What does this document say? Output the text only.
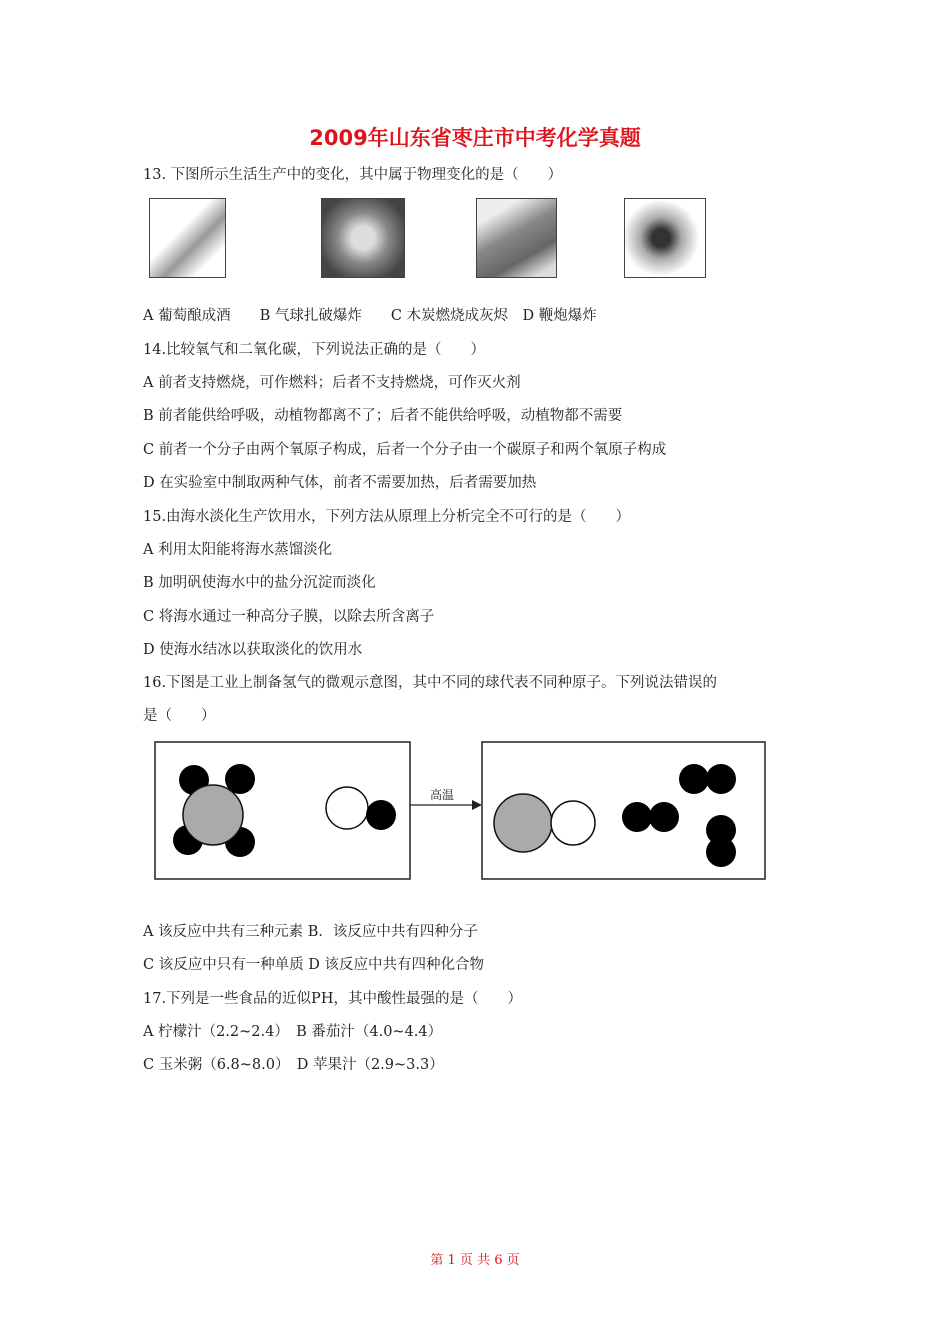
2009年山东省枣庄市中考化学真题
13. 下图所示生活生产中的变化，其中属于物理变化的是（　　）
A 葡萄酿成酒　　B 气球扎破爆炸　　C 木炭燃烧成灰烬　D 鞭炮爆炸
14.比较氧气和二氧化碳，下列说法正确的是（　　）
A 前者支持燃烧，可作燃料；后者不支持燃烧，可作灭火剂
B 前者能供给呼吸，动植物都离不了；后者不能供给呼吸，动植物都不需要
C 前者一个分子由两个氧原子构成，后者一个分子由一个碳原子和两个氧原子构成
D 在实验室中制取两种气体，前者不需要加热，后者需要加热
15.由海水淡化生产饮用水，下列方法从原理上分析完全不可行的是（　　）
A 利用太阳能将海水蒸馏淡化
B 加明矾使海水中的盐分沉淀而淡化
C 将海水通过一种高分子膜，以除去所含离子
D 使海水结冰以获取淡化的饮用水
16.下图是工业上制备氢气的微观示意图，其中不同的球代表不同种原子。下列说法错误的
是（　　）
高温
A 该反应中共有三种元素 B．该反应中共有四种分子
C 该反应中只有一种单质 D 该反应中共有四种化合物
17.下列是一些食品的近似PH，其中酸性最强的是（　　）
A 柠檬汁（2.2~2.4）　B 番茄汁（4.0~4.4）
C 玉米粥（6.8~8.0）　D 苹果汁（2.9~3.3）
第 1 页 共 6 页
